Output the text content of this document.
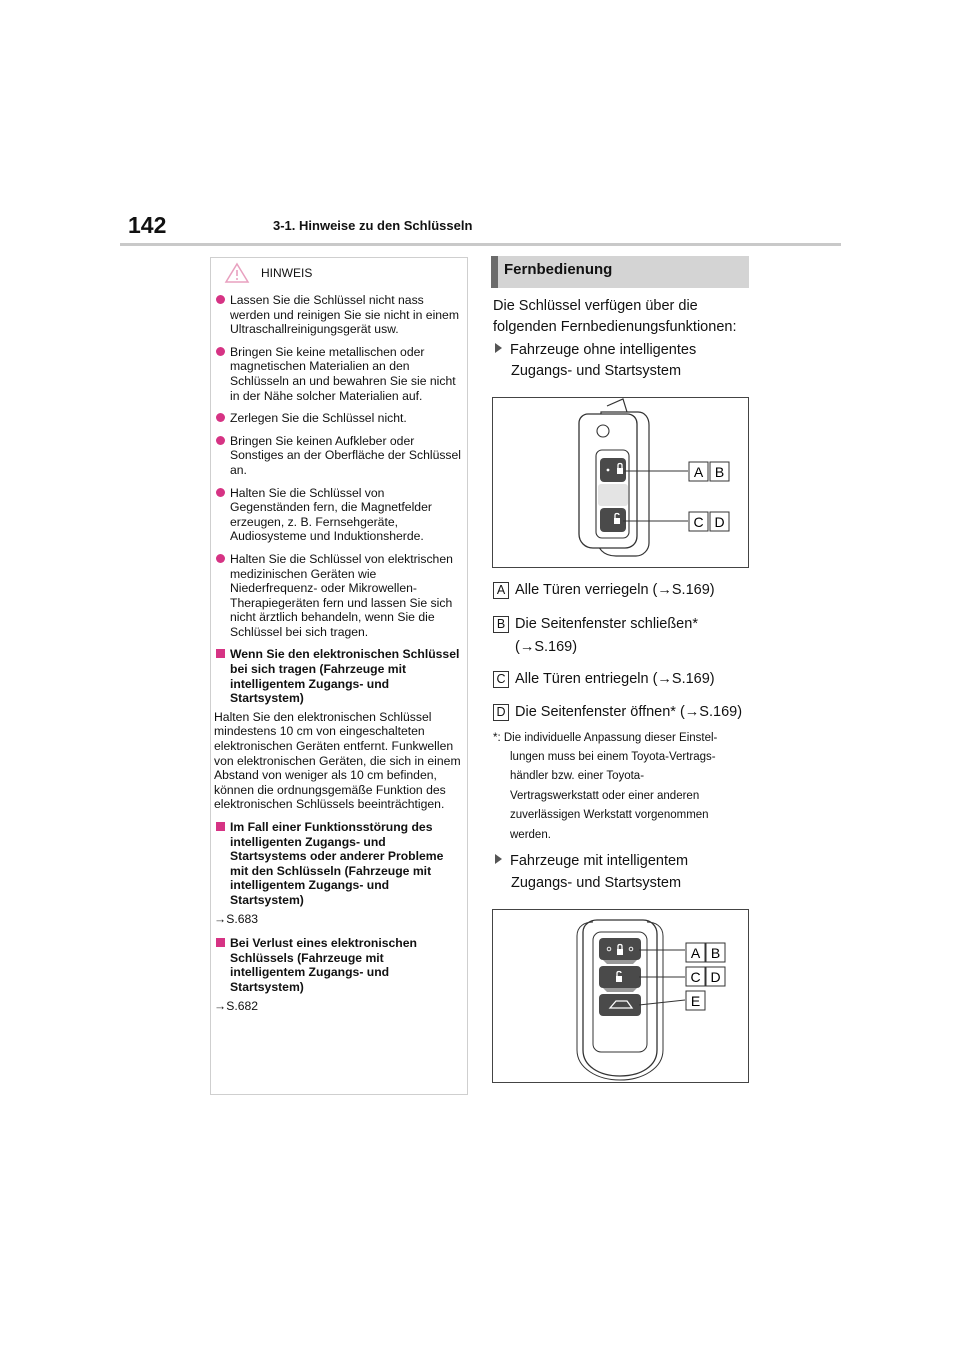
142	3-1. Hinweise zu den Schlüsseln
HINWEIS
Lassen Sie die Schlüssel nicht nass werden und reinigen Sie sie nicht in einem Ultraschallreinigungsgerät usw.
Bringen Sie keine metallischen oder magnetischen Materialien an den Schlüsseln an und bewahren Sie sie nicht in der Nähe solcher Materialien auf.
Zerlegen Sie die Schlüssel nicht.
Bringen Sie keinen Aufkleber oder Sonstiges an der Oberfläche der Schlüssel an.
Halten Sie die Schlüssel von Gegenständen fern, die Magnetfelder erzeugen, z. B. Fernsehgeräte, Audiosysteme und Induktionsherde.
Halten Sie die Schlüssel von elektrischen medizinischen Geräten wie Niederfrequenz- oder Mikrowellen-Therapiegeräten fern und lassen Sie sich nicht ärztlich behandeln, wenn Sie die Schlüssel bei sich tragen.
Wenn Sie den elektronischen Schlüssel bei sich tragen (Fahrzeuge mit intelligentem Zugangs- und Startsystem)
Halten Sie den elektronischen Schlüssel mindestens 10 cm von eingeschalteten elektronischen Geräten entfernt. Funkwellen von elektronischen Geräten, die sich in einem Abstand von weniger als 10 cm befinden, können die ordnungsgemäße Funktion des elektronischen Schlüssels beeinträchtigen.
Im Fall einer Funktionsstörung des intelligenten Zugangs- und Startsystems oder anderer Probleme mit den Schlüsseln (Fahrzeuge mit intelligentem Zugangs- und Startsystem)
→S.683
Bei Verlust eines elektronischen Schlüssels (Fahrzeuge mit intelligentem Zugangs- und Startsystem)
→S.682
Fernbedienung
Die Schlüssel verfügen über die folgenden Fernbedienungsfunktionen:
Fahrzeuge ohne intelligentes
Zugangs- und Startsystem
A B
C D
A Alle Türen verriegeln (→S.169)
B Die Seitenfenster schließen*
(→S.169)
C Alle Türen entriegeln (→S.169)
D Die Seitenfenster öffnen* (→S.169)
*: Die individuelle Anpassung dieser Einstel-
lungen muss bei einem Toyota-Vertrags-
händler bzw. einer Toyota-
Vertragswerkstatt oder einer anderen
zuverlässigen Werkstatt vorgenommen
werden.
Fahrzeuge mit intelligentem
Zugangs- und Startsystem
A B
C D
E
